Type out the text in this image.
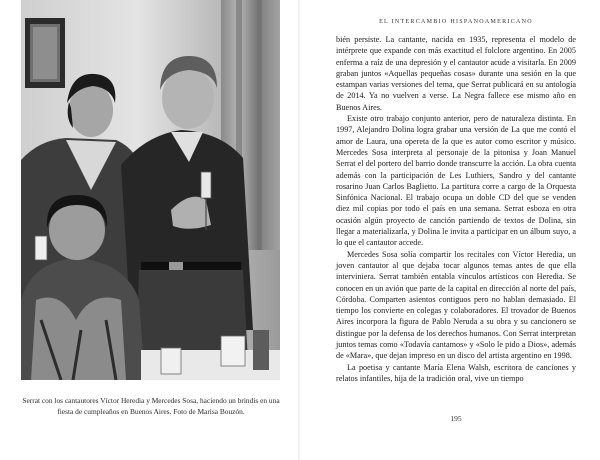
Serrat con los cantautores Víctor Heredia y Mercedes Sosa, haciendo un brindis en una fiesta de cumpleaños en Buenos Aires. Foto de Marisa Bouzón.
EL INTERCAMBIO HISPANOAMERICANO

bién persiste. La cantante, nacida en 1935, representa el modelo de intérprete que expande con más exactitud el folclore argentino. En 2005 enferma a raíz de una depresión y el cantautor acude a visitarla. En 2009 graban juntos «Aquellas pequeñas cosas» durante una sesión en la que estampan varias versiones del tema, que Serrat publicará en su antología de 2014. Ya no vuelven a verse. La Negra fallece ese mismo año en Buenos Aires.

Existe otro trabajo conjunto anterior, pero de naturaleza distinta. En 1997, Alejandro Dolina logra grabar una versión de La que me contó el amor de Laura, una opereta de la que es autor como escritor y músico. Mercedes Sosa interpreta al personaje de la pitonisa y Joan Manuel Serrat el del portero del barrio donde transcurre la acción. La obra cuenta además con la participación de Les Luthiers, Sandro y del cantante rosarino Juan Carlos Baglietto. La partitura corre a cargo de la Orquesta Sinfónica Nacional. El trabajo ocupa un doble CD del que se venden diez mil copias por todo el país en una semana. Serrat esboza en otra ocasión algún proyecto de canción partiendo de textos de Dolina, sin llegar a materializarla, y Dolina le invita a participar en un álbum suyo, a lo que el cantautor accede.

Mercedes Sosa solía compartir los recitales con Víctor Heredia, un joven cantautor al que dejaba tocar algunos temas antes de que ella interviniera. Serrat también entabla vínculos artísticos con Heredia. Se conocen en un avión que parte de la capital en dirección al norte del país, Córdoba. Comparten asientos contiguos pero no hablan demasiado. El tiempo los convierte en colegas y colaboradores. El trovador de Buenos Aires incorpora la figura de Pablo Neruda a su obra y su cancionero se distingue por la defensa de los derechos humanos. Con Serrat interpretan juntos temas como «Todavía cantamos» y «Solo le pido a Dios», además de «Mara», que dejan impreso en un disco del artista argentino en 1998.

La poetisa y cantante María Elena Walsh, escritora de canciones y relatos infantiles, hija de la tradición oral, vive un tiempo

195
